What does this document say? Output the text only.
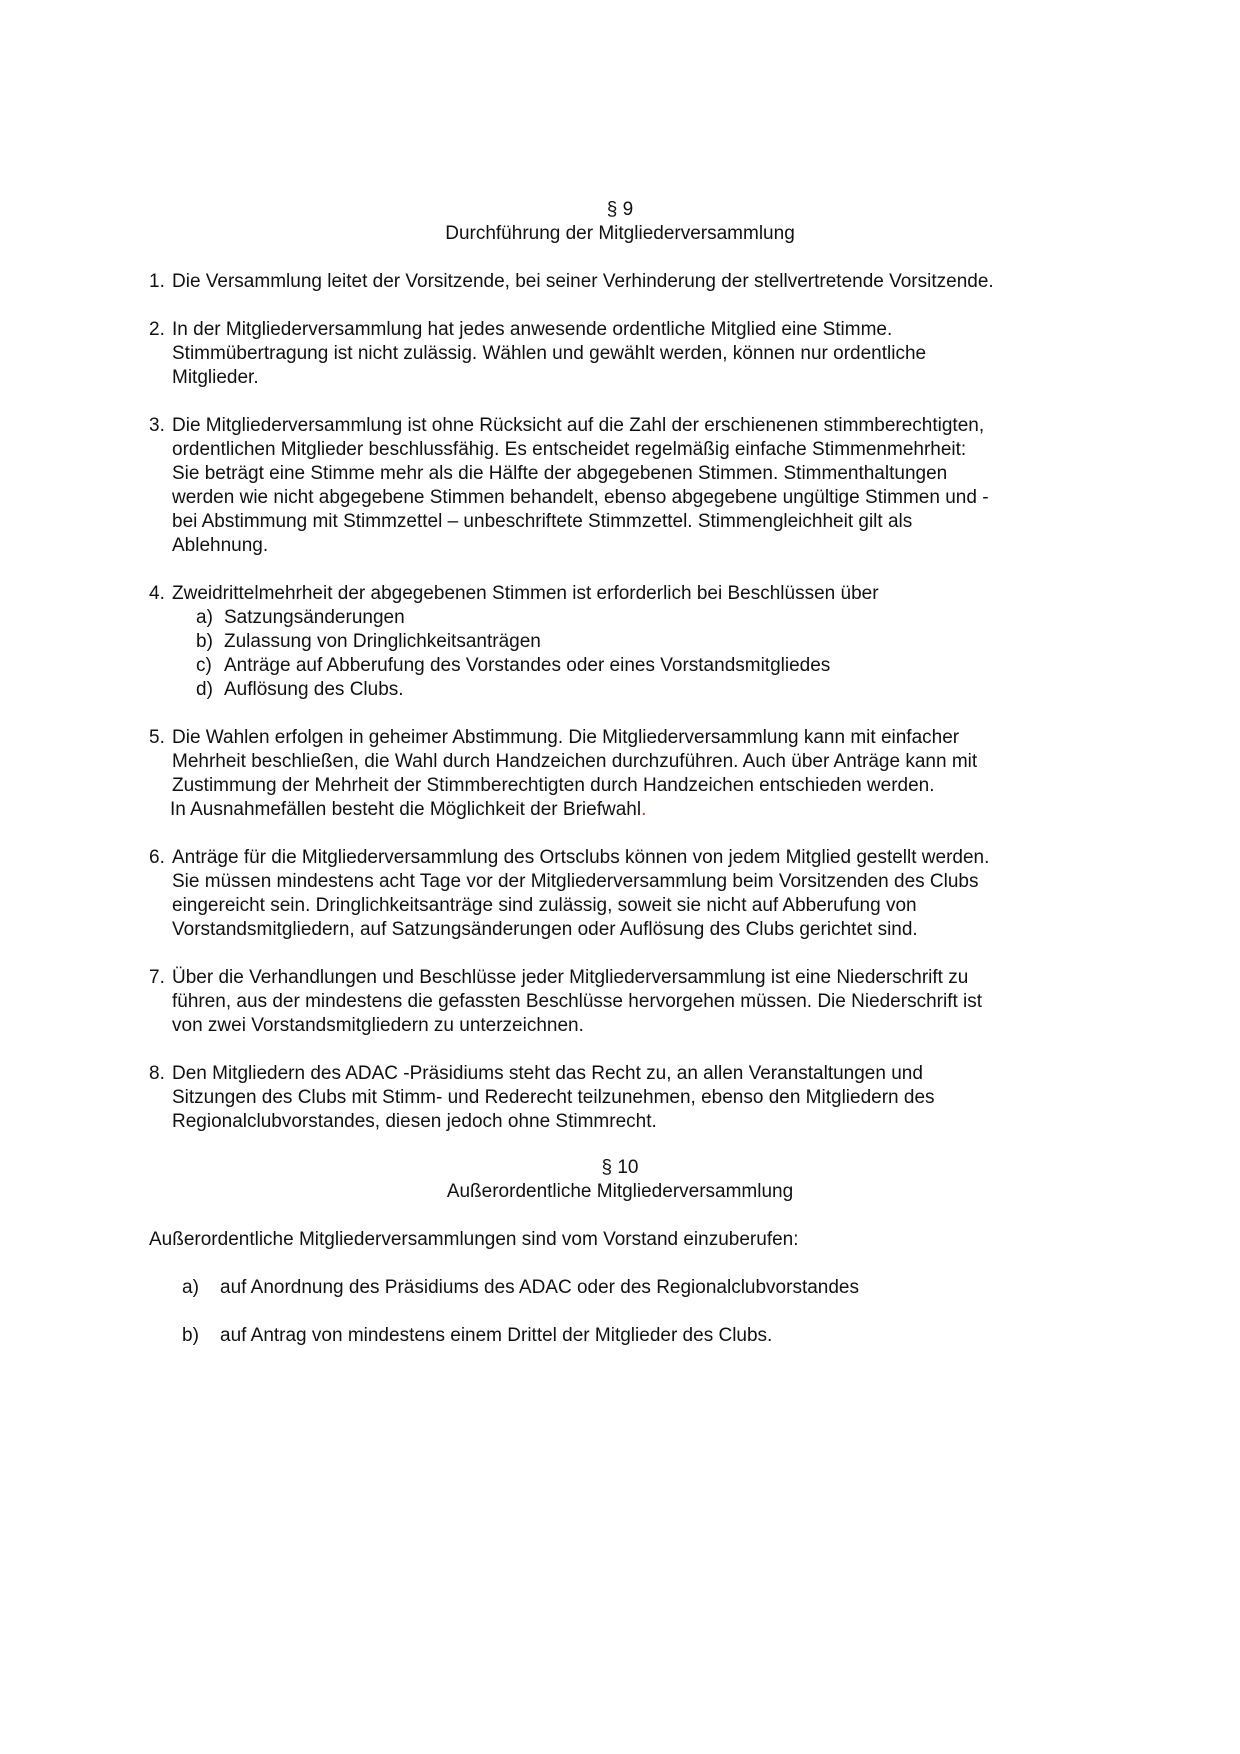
§ 9
Durchführung der Mitgliederversammlung
1. Die Versammlung leitet der Vorsitzende, bei seiner Verhinderung der stellvertretende Vorsitzende.
2. In der Mitgliederversammlung hat jedes anwesende ordentliche Mitglied eine Stimme.
Stimmübertragung ist nicht zulässig. Wählen und gewählt werden, können nur ordentliche
Mitglieder.
3. Die Mitgliederversammlung ist ohne Rücksicht auf die Zahl der erschienenen stimmberechtigten,
ordentlichen Mitglieder beschlussfähig. Es entscheidet regelmäßig einfache Stimmenmehrheit:
Sie beträgt eine Stimme mehr als die Hälfte der abgegebenen Stimmen. Stimmenthaltungen
werden wie nicht abgegebene Stimmen behandelt, ebenso abgegebene ungültige Stimmen und -
bei Abstimmung mit Stimmzettel – unbeschriftete Stimmzettel. Stimmengleichheit gilt als
Ablehnung.
4. Zweidrittelmehrheit der abgegebenen Stimmen ist erforderlich bei Beschlüssen über
a) Satzungsänderungen
b) Zulassung von Dringlichkeitsanträgen
c) Anträge auf Abberufung des Vorstandes oder eines Vorstandsmitgliedes
d) Auflösung des Clubs.
5. Die Wahlen erfolgen in geheimer Abstimmung. Die Mitgliederversammlung kann mit einfacher
Mehrheit beschließen, die Wahl durch Handzeichen durchzuführen. Auch über Anträge kann mit
Zustimmung der Mehrheit der Stimmberechtigten durch Handzeichen entschieden werden.
In Ausnahmefällen besteht die Möglichkeit der Briefwahl.
6. Anträge für die Mitgliederversammlung des Ortsclubs können von jedem Mitglied gestellt werden.
Sie müssen mindestens acht Tage vor der Mitgliederversammlung beim Vorsitzenden des Clubs
eingereicht sein. Dringlichkeitsanträge sind zulässig, soweit sie nicht auf Abberufung von
Vorstandsmitgliedern, auf Satzungsänderungen oder Auflösung des Clubs gerichtet sind.
7. Über die Verhandlungen und Beschlüsse jeder Mitgliederversammlung ist eine Niederschrift zu
führen, aus der mindestens die gefassten Beschlüsse hervorgehen müssen. Die Niederschrift ist
von zwei Vorstandsmitgliedern zu unterzeichnen.
8. Den Mitgliedern des ADAC -Präsidiums steht das Recht zu, an allen Veranstaltungen und
Sitzungen des Clubs mit Stimm- und Rederecht teilzunehmen, ebenso den Mitgliedern des
Regionalclubvorstandes, diesen jedoch ohne Stimmrecht.
§ 10
Außerordentliche Mitgliederversammlung

Außerordentliche Mitgliederversammlungen sind vom Vorstand einzuberufen:

a) auf Anordnung des Präsidiums des ADAC oder des Regionalclubvorstandes
b) auf Antrag von mindestens einem Drittel der Mitglieder des Clubs.
